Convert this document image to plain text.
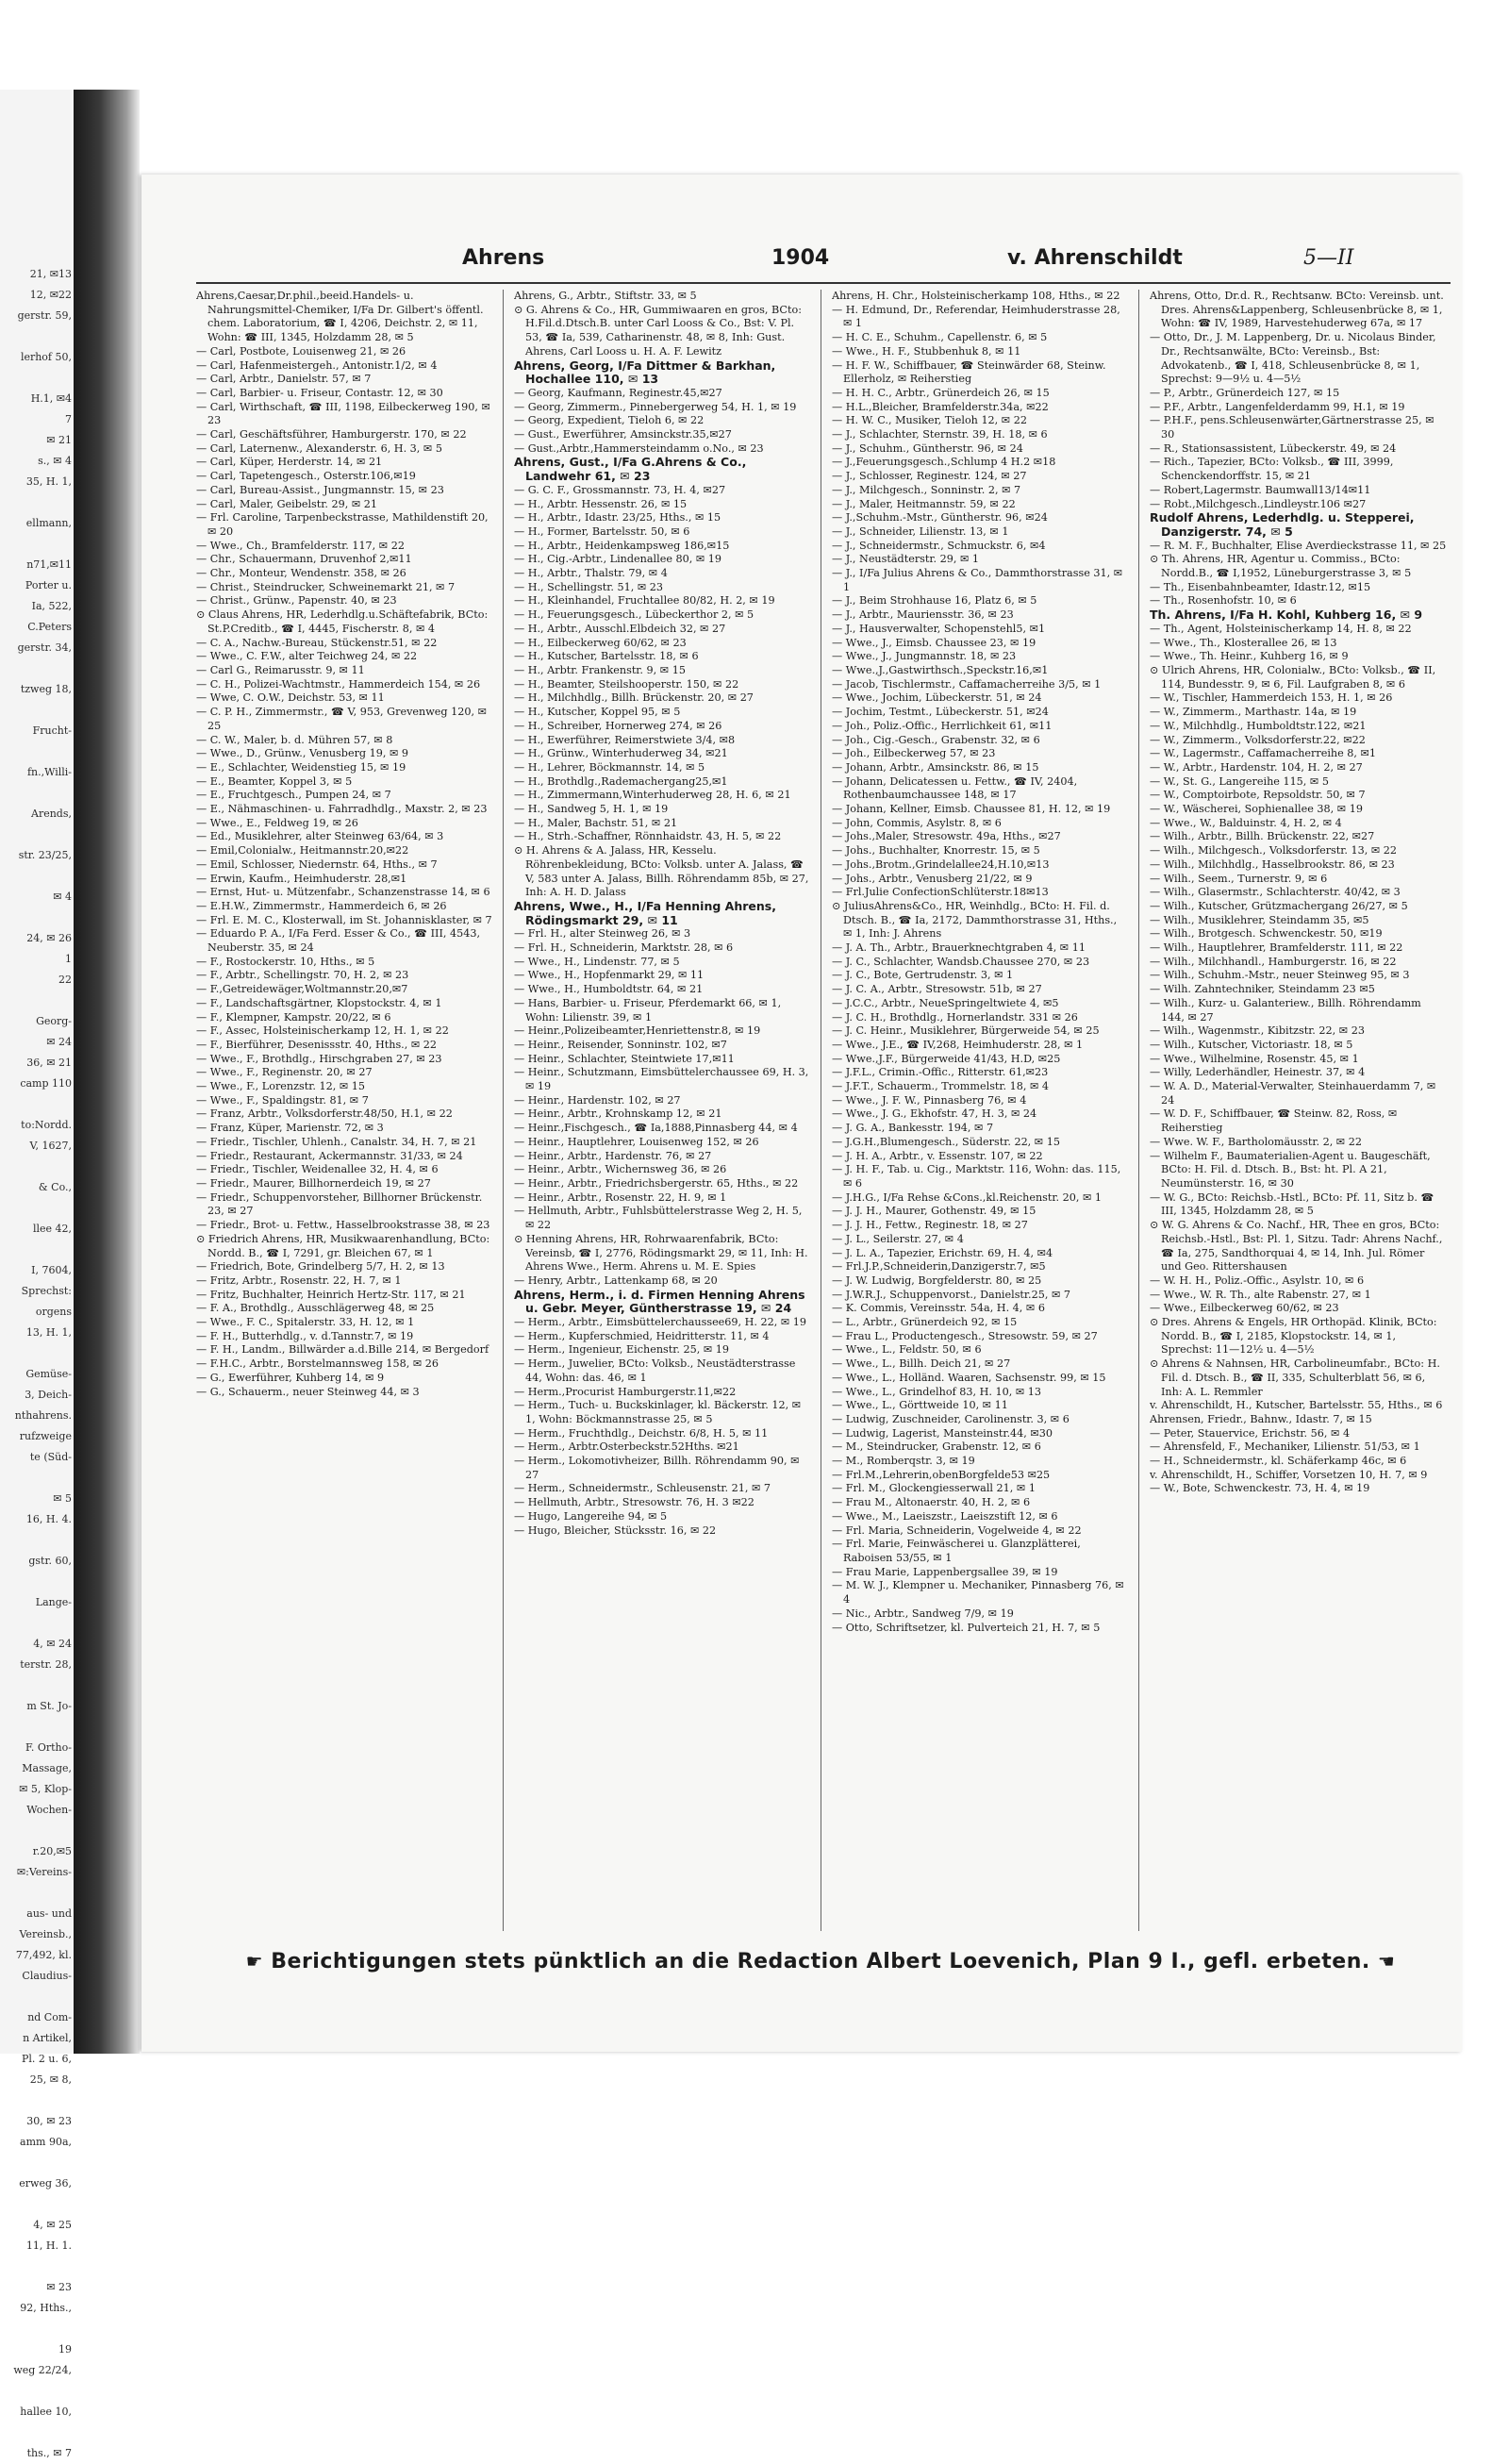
21, ✉13
12, ✉22
gerstr. 59,
lerhof 50,
H.1, ✉4
7
✉ 21
s., ✉ 4
35, H. 1,
ellmann,
n71,✉11
Porter u.
Ia, 522,
C.Peters
gerstr. 34,
tzweg 18,
Frucht-
fn.,Willi-
Arends,
str. 23/25,
✉ 4
24, ✉ 26
1
22
Georg-
✉ 24
36, ✉ 21
camp 110
to:Nordd.
V, 1627,
& Co.,
llee 42,
I, 7604,
Sprechst:
orgens
13, H. 1,
Gemüse-
3, Deich-
nthahrens.
rufzweige
te (Süd-
✉ 5
16, H. 4.
gstr. 60,
Lange-
4, ✉ 24
terstr. 28,
m St. Jo-
F. Ortho-
Massage,
✉ 5, Klop-
Wochen-
r.20,✉5
✉:Vereins-
aus- und
Vereinsb.,
77,492, kl.
Claudius-
nd Com-
n Artikel,
Pl. 2 u. 6,
25, ✉ 8,
30, ✉ 23
amm 90a,
erweg 36,
4, ✉ 25
11, H. 1.
✉ 23
92, Hths.,
19
weg 22/24,
hallee 10,
ths., ✉ 7
Ahrens	1904	v. Ahrenschildt	5—II

Ahrens,Caesar,Dr.phil.,beeid.Handels- u. Nahrungsmittel-Chemiker, I/Fa Dr. Gilbert's öffentl. chem. Laboratorium, ☎ I, 4206, Deichstr. 2, ✉ 11, Wohn: ☎ III, 1345, Holzdamm 28, ✉ 5

— Carl, Postbote, Louisenweg 21, ✉ 26

— Carl, Hafenmeistergeh., Antonistr.1/2, ✉ 4

— Carl, Arbtr., Danielstr. 57, ✉ 7

— Carl, Barbier- u. Friseur, Contastr. 12, ✉ 30

— Carl, Wirthschaft, ☎ III, 1198, Eilbeckerweg 190, ✉ 23

— Carl, Geschäftsführer, Hamburgerstr. 170, ✉ 22

— Carl, Laternenw., Alexanderstr. 6, H. 3, ✉ 5

— Carl, Küper, Herderstr. 14, ✉ 21

— Carl, Tapetengesch., Osterstr.106,✉19

— Carl, Bureau-Assist., Jungmannstr. 15, ✉ 23

— Carl, Maler, Geibelstr. 29, ✉ 21

— Frl. Caroline, Tarpenbeckstrasse, Mathildenstift 20, ✉ 20

— Wwe., Ch., Bramfelderstr. 117, ✉ 22

— Chr., Schauermann, Druvenhof 2,✉11

— Chr., Monteur, Wendenstr. 358, ✉ 26

— Christ., Steindrucker, Schweinemarkt 21, ✉ 7

— Christ., Grünw., Papenstr. 40, ✉ 23

⊙ Claus Ahrens, HR, Lederhdlg.u.Schäftefabrik, BCto: St.P.Creditb., ☎ I, 4445, Fischerstr. 8, ✉ 4

— C. A., Nachw.-Bureau, Stückenstr.51, ✉ 22

— Wwe., C. F.W., alter Teichweg 24, ✉ 22

— Carl G., Reimarusstr. 9, ✉ 11

— C. H., Polizei-Wachtmstr., Hammerdeich 154, ✉ 26

— Wwe, C. O.W., Deichstr. 53, ✉ 11

— C. P. H., Zimmermstr., ☎ V, 953, Grevenweg 120, ✉ 25

— C. W., Maler, b. d. Mühren 57, ✉ 8

— Wwe., D., Grünw., Venusberg 19, ✉ 9

— E., Schlachter, Weidenstieg 15, ✉ 19

— E., Beamter, Koppel 3, ✉ 5

— E., Fruchtgesch., Pumpen 24, ✉ 7

— E., Nähmaschinen- u. Fahrradhdlg., Maxstr. 2, ✉ 23

— Wwe., E., Feldweg 19, ✉ 26

— Ed., Musiklehrer, alter Steinweg 63/64, ✉ 3

— Emil,Colonialw., Heitmannstr.20,✉22

— Emil, Schlosser, Niedernstr. 64, Hths., ✉ 7

— Erwin, Kaufm., Heimhuderstr. 28,✉1

— Ernst, Hut- u. Mützenfabr., Schanzenstrasse 14, ✉ 6

— E.H.W., Zimmermstr., Hammerdeich 6, ✉ 26

— Frl. E. M. C., Klosterwall, im St. Johannisklaster, ✉ 7

— Eduardo P. A., I/Fa Ferd. Esser & Co., ☎ III, 4543, Neuberstr. 35, ✉ 24

— F., Rostockerstr. 10, Hths., ✉ 5

— F., Arbtr., Schellingstr. 70, H. 2, ✉ 23

— F.,Getreidewäger,Woltmannstr.20,✉7

— F., Landschaftsgärtner, Klopstockstr. 4, ✉ 1

— F., Klempner, Kampstr. 20/22, ✉ 6

— F., Assec, Holsteinischerkamp 12, H. 1, ✉ 22

— F., Bierführer, Desenissstr. 40, Hths., ✉ 22

— Wwe., F., Brothdlg., Hirschgraben 27, ✉ 23

— Wwe., F., Reginenstr. 20, ✉ 27

— Wwe., F., Lorenzstr. 12, ✉ 15

— Wwe., F., Spaldingstr. 81, ✉ 7

— Franz, Arbtr., Volksdorferstr.48/50, H.1, ✉ 22

— Franz, Küper, Marienstr. 72, ✉ 3

— Friedr., Tischler, Uhlenh., Canalstr. 34, H. 7, ✉ 21

— Friedr., Restaurant, Ackermannstr. 31/33, ✉ 24

— Friedr., Tischler, Weidenallee 32, H. 4, ✉ 6

— Friedr., Maurer, Billhornerdeich 19, ✉ 27

— Friedr., Schuppenvorsteher, Billhorner Brückenstr. 23, ✉ 27

— Friedr., Brot- u. Fettw., Hasselbrookstrasse 38, ✉ 23

⊙ Friedrich Ahrens, HR, Musikwaarenhandlung, BCto: Nordd. B., ☎ I, 7291, gr. Bleichen 67, ✉ 1

— Friedrich, Bote, Grindelberg 5/7, H. 2, ✉ 13

— Fritz, Arbtr., Rosenstr. 22, H. 7, ✉ 1

— Fritz, Buchhalter, Heinrich Hertz-Str. 117, ✉ 21

— F. A., Brothdlg., Ausschlägerweg 48, ✉ 25

— Wwe., F. C., Spitalerstr. 33, H. 12, ✉ 1

— F. H., Butterhdlg., v. d.Tannstr.7, ✉ 19

— F. H., Landm., Billwärder a.d.Bille 214, ✉ Bergedorf

— F.H.C., Arbtr., Borstelmannsweg 158, ✉ 26

— G., Ewerführer, Kuhberg 14, ✉ 9

— G., Schauerm., neuer Steinweg 44, ✉ 3

Ahrens, G., Arbtr., Stiftstr. 33, ✉ 5

⊙ G. Ahrens & Co., HR, Gummiwaaren en gros, BCto: H.Fil.d.Dtsch.B. unter Carl Looss & Co., Bst: V. Pl. 53, ☎ Ia, 539, Catharinenstr. 48, ✉ 8, Inh: Gust. Ahrens, Carl Looss u. H. A. F. Lewitz

Ahrens, Georg, I/Fa Dittmer & Barkhan, Hochallee 110, ✉ 13

— Georg, Kaufmann, Reginestr.45,✉27

— Georg, Zimmerm., Pinnebergerweg 54, H. 1, ✉ 19

— Georg, Expedient, Tieloh 6, ✉ 22

— Gust., Ewerführer, Amsinckstr.35,✉27

— Gust.,Arbtr.,Hammersteindamm o.No., ✉ 23

Ahrens, Gust., I/Fa G.Ahrens & Co., Landwehr 61, ✉ 23

— G. C. F., Grossmannstr. 73, H. 4, ✉27

— H., Arbtr. Hessenstr. 26, ✉ 15

— H., Arbtr., Idastr. 23/25, Hths., ✉ 15

— H., Former, Bartelsstr. 50, ✉ 6

— H., Arbtr., Heidenkampsweg 186,✉15

— H., Cig.-Arbtr., Lindenallee 80, ✉ 19

— H., Arbtr., Thalstr. 79, ✉ 4

— H., Schellingstr. 51, ✉ 23

— H., Kleinhandel, Fruchtallee 80/82, H. 2, ✉ 19

— H., Feuerungsgesch., Lübeckerthor 2, ✉ 5

— H., Arbtr., Ausschl.Elbdeich 32, ✉ 27

— H., Eilbeckerweg 60/62, ✉ 23

— H., Kutscher, Bartelsstr. 18, ✉ 6

— H., Arbtr. Frankenstr. 9, ✉ 15

— H., Beamter, Steilshooperstr. 150, ✉ 22

— H., Milchhdlg., Billh. Brückenstr. 20, ✉ 27

— H., Kutscher, Koppel 95, ✉ 5

— H., Schreiber, Hornerweg 274, ✉ 26

— H., Ewerführer, Reimerstwiete 3/4, ✉8

— H., Grünw., Winterhuderweg 34, ✉21

— H., Lehrer, Böckmannstr. 14, ✉ 5

— H., Brothdlg.,Rademachergang25,✉1

— H., Zimmermann,Winterhuderweg 28, H. 6, ✉ 21

— H., Sandweg 5, H. 1, ✉ 19

— H., Maler, Bachstr. 51, ✉ 21

— H., Strh.-Schaffner, Rönnhaidstr. 43, H. 5, ✉ 22

⊙ H. Ahrens & A. Jalass, HR, Kesselu. Röhrenbekleidung, BCto: Volksb. unter A. Jalass, ☎ V, 583 unter A. Jalass, Billh. Röhrendamm 85b, ✉ 27, Inh: A. H. D. Jalass

Ahrens, Wwe., H., I/Fa Henning Ahrens, Rödingsmarkt 29, ✉ 11

— Frl. H., alter Steinweg 26, ✉ 3

— Frl. H., Schneiderin, Marktstr. 28, ✉ 6

— Wwe., H., Lindenstr. 77, ✉ 5

— Wwe., H., Hopfenmarkt 29, ✉ 11

— Wwe., H., Humboldtstr. 64, ✉ 21

— Hans, Barbier- u. Friseur, Pferdemarkt 66, ✉ 1, Wohn: Lilienstr. 39, ✉ 1

— Heinr.,Polizeibeamter,Henriettenstr.8, ✉ 19

— Heinr., Reisender, Sonninstr. 102, ✉7

— Heinr., Schlachter, Steintwiete 17,✉11

— Heinr., Schutzmann, Eimsbüttelerchaussee 69, H. 3, ✉ 19

— Heinr., Hardenstr. 102, ✉ 27

— Heinr., Arbtr., Krohnskamp 12, ✉ 21

— Heinr.,Fischgesch., ☎ Ia,1888,Pinnasberg 44, ✉ 4

— Heinr., Hauptlehrer, Louisenweg 152, ✉ 26

— Heinr., Arbtr., Hardenstr. 76, ✉ 27

— Heinr., Arbtr., Wichernsweg 36, ✉ 26

— Heinr., Arbtr., Friedrichsbergerstr. 65, Hths., ✉ 22

— Heinr., Arbtr., Rosenstr. 22, H. 9, ✉ 1

— Hellmuth, Arbtr., Fuhlsbüttelerstrasse Weg 2, H. 5, ✉ 22

⊙ Henning Ahrens, HR, Rohrwaarenfabrik, BCto: Vereinsb, ☎ I, 2776, Rödingsmarkt 29, ✉ 11, Inh: H. Ahrens Wwe., Herm. Ahrens u. M. E. Spies

— Henry, Arbtr., Lattenkamp 68, ✉ 20

Ahrens, Herm., i. d. Firmen Henning Ahrens u. Gebr. Meyer, Güntherstrasse 19, ✉ 24

— Herm., Arbtr., Eimsbüttelerchaussee69, H. 22, ✉ 19

— Herm., Kupferschmied, Heidritterstr. 11, ✉ 4

— Herm., Ingenieur, Eichenstr. 25, ✉ 19

— Herm., Juwelier, BCto: Volksb., Neustädterstrasse 44, Wohn: das. 46, ✉ 1

— Herm.,Procurist Hamburgerstr.11,✉22

— Herm., Tuch- u. Buckskinlager, kl. Bäckerstr. 12, ✉ 1, Wohn: Böckmannstrasse 25, ✉ 5

— Herm., Fruchthdlg., Deichstr. 6/8, H. 5, ✉ 11

— Herm., Arbtr.Osterbeckstr.52Hths. ✉21

— Herm., Lokomotivheizer, Billh. Röhrendamm 90, ✉ 27

— Herm., Schneidermstr., Schleusenstr. 21, ✉ 7

— Hellmuth, Arbtr., Stresowstr. 76, H. 3 ✉22

— Hugo, Langereihe 94, ✉ 5

— Hugo, Bleicher, Stücksstr. 16, ✉ 22

Ahrens, H. Chr., Holsteinischerkamp 108, Hths., ✉ 22

— H. Edmund, Dr., Referendar, Heimhuderstrasse 28, ✉ 1

— H. C. E., Schuhm., Capellenstr. 6, ✉ 5

— Wwe., H. F., Stubbenhuk 8, ✉ 11

— H. F. W., Schiffbauer, ☎ Steinwärder 68, Steinw. Ellerholz, ✉ Reiherstieg

— H. H. C., Arbtr., Grünerdeich 26, ✉ 15

— H.L.,Bleicher, Bramfelderstr.34a, ✉22

— H. W. C., Musiker, Tieloh 12, ✉ 22

— J., Schlachter, Sternstr. 39, H. 18, ✉ 6

— J., Schuhm., Güntherstr. 96, ✉ 24

— J.,Feuerungsgesch.,Schlump 4 H.2 ✉18

— J., Schlosser, Reginestr. 124, ✉ 27

— J., Milchgesch., Sonninstr. 2, ✉ 7

— J., Maler, Heitmannstr. 59, ✉ 22

— J.,Schuhm.-Mstr., Güntherstr. 96, ✉24

— J., Schneider, Lilienstr. 13, ✉ 1

— J., Schneidermstr., Schmuckstr. 6, ✉4

— J., Neustädterstr. 29, ✉ 1

— J., I/Fa Julius Ahrens & Co., Dammthorstrasse 31, ✉ 1

— J., Beim Strohhause 16, Platz 6, ✉ 5

— J., Arbtr., Mauriensstr. 36, ✉ 23

— J., Hausverwalter, Schopenstehl5, ✉1

— Wwe., J., Eimsb. Chaussee 23, ✉ 19

— Wwe., J., Jungmannstr. 18, ✉ 23

— Wwe.,J.,Gastwirthsch.,Speckstr.16,✉1

— Jacob, Tischlermstr., Caffamacherreihe 3/5, ✉ 1

— Wwe., Jochim, Lübeckerstr. 51, ✉ 24

— Jochim, Testmt., Lübeckerstr. 51, ✉24

— Joh., Poliz.-Offic., Herrlichkeit 61, ✉11

— Joh., Cig.-Gesch., Grabenstr. 32, ✉ 6

— Joh., Eilbeckerweg 57, ✉ 23

— Johann, Arbtr., Amsinckstr. 86, ✉ 15

— Johann, Delicatessen u. Fettw., ☎ IV, 2404, Rothenbaumchaussee 148, ✉ 17

— Johann, Kellner, Eimsb. Chaussee 81, H. 12, ✉ 19

— John, Commis, Asylstr. 8, ✉ 6

— Johs.,Maler, Stresowstr. 49a, Hths., ✉27

— Johs., Buchhalter, Knorrestr. 15, ✉ 5

— Johs.,Brotm.,Grindelallee24,H.10,✉13

— Johs., Arbtr., Venusberg 21/22, ✉ 9

— Frl.Julie ConfectionSchlüterstr.18✉13

⊙ JuliusAhrens&Co., HR, Weinhdlg., BCto: H. Fil. d. Dtsch. B., ☎ Ia, 2172, Dammthorstrasse 31, Hths., ✉ 1, Inh: J. Ahrens

— J. A. Th., Arbtr., Brauerknechtgraben 4, ✉ 11

— J. C., Schlachter, Wandsb.Chaussee 270, ✉ 23

— J. C., Bote, Gertrudenstr. 3, ✉ 1

— J. C. A., Arbtr., Stresowstr. 51b, ✉ 27

— J.C.C., Arbtr., NeueSpringeltwiete 4, ✉5

— J. C. H., Brothdlg., Hornerlandstr. 331 ✉ 26

— J. C. Heinr., Musiklehrer, Bürgerweide 54, ✉ 25

— Wwe., J.E., ☎ IV,268, Heimhuderstr. 28, ✉ 1

— Wwe.,J.F., Bürgerweide 41/43, H.D, ✉25

— J.F.L., Crimin.-Offic., Ritterstr. 61,✉23

— J.F.T., Schauerm., Trommelstr. 18, ✉ 4

— Wwe., J. F. W., Pinnasberg 76, ✉ 4

— Wwe., J. G., Ekhofstr. 47, H. 3, ✉ 24

— J. G. A., Bankesstr. 194, ✉ 7

— J.G.H.,Blumengesch., Süderstr. 22, ✉ 15

— J. H. A., Arbtr., v. Essenstr. 107, ✉ 22

— J. H. F., Tab. u. Cig., Marktstr. 116, Wohn: das. 115, ✉ 6

— J.H.G., I/Fa Rehse &Cons.,kl.Reichenstr. 20, ✉ 1

— J. J. H., Maurer, Gothenstr. 49, ✉ 15

— J. J. H., Fettw., Reginestr. 18, ✉ 27

— J. L., Seilerstr. 27, ✉ 4

— J. L. A., Tapezier, Erichstr. 69, H. 4, ✉4

— Frl.J.P.,Schneiderin,Danzigerstr.7, ✉5

— J. W. Ludwig, Borgfelderstr. 80, ✉ 25

— J.W.R.J., Schuppenvorst., Danielstr.25, ✉ 7

— K. Commis, Vereinsstr. 54a, H. 4, ✉ 6

— L., Arbtr., Grünerdeich 92, ✉ 15

— Frau L., Productengesch., Stresowstr. 59, ✉ 27

— Wwe., L., Feldstr. 50, ✉ 6

— Wwe., L., Billh. Deich 21, ✉ 27

— Wwe., L., Holländ. Waaren, Sachsenstr. 99, ✉ 15

— Wwe., L., Grindelhof 83, H. 10, ✉ 13

— Wwe., L., Görttweide 10, ✉ 11

— Ludwig, Zuschneider, Carolinenstr. 3, ✉ 6

— Ludwig, Lagerist, Mansteinstr.44, ✉30

— M., Steindrucker, Grabenstr. 12, ✉ 6

— M., Romberqstr. 3, ✉ 19

— Frl.M.,Lehrerin,obenBorgfelde53 ✉25

— Frl. M., Glockengiesserwall 21, ✉ 1

— Frau M., Altonaerstr. 40, H. 2, ✉ 6

— Wwe., M., Laeiszstr., Laeiszstift 12, ✉ 6

— Frl. Maria, Schneiderin, Vogelweide 4, ✉ 22

— Frl. Marie, Feinwäscherei u. Glanzplätterei, Raboisen 53/55, ✉ 1

— Frau Marie, Lappenbergsallee 39, ✉ 19

— M. W. J., Klempner u. Mechaniker, Pinnasberg 76, ✉ 4

— Nic., Arbtr., Sandweg 7/9, ✉ 19

— Otto, Schriftsetzer, kl. Pulverteich 21, H. 7, ✉ 5

Ahrens, Otto, Dr.d. R., Rechtsanw. BCto: Vereinsb. unt. Dres. Ahrens&Lappenberg, Schleusenbrücke 8, ✉ 1, Wohn: ☎ IV, 1989, Harvestehuderweg 67a, ✉ 17

— Otto, Dr., J. M. Lappenberg, Dr. u. Nicolaus Binder, Dr., Rechtsanwälte, BCto: Vereinsb., Bst: Advokatenb., ☎ I, 418, Schleusenbrücke 8, ✉ 1, Sprechst: 9—9½ u. 4—5½

— P., Arbtr., Grünerdeich 127, ✉ 15

— P.F., Arbtr., Langenfelderdamm 99, H.1, ✉ 19

— P.H.F., pens.Schleusenwärter,Gärtnerstrasse 25, ✉ 30

— R., Stationsassistent, Lübeckerstr. 49, ✉ 24

— Rich., Tapezier, BCto: Volksb., ☎ III, 3999, Schenckendorffstr. 15, ✉ 21

— Robert,Lagermstr. Baumwall13/14✉11

— Robt.,Milchgesch.,Lindleystr.106 ✉27

Rudolf Ahrens, Lederhdlg. u. Stepperei, Danzigerstr. 74, ✉ 5

— R. M. F., Buchhalter, Elise Averdieckstrasse 11, ✉ 25

⊙ Th. Ahrens, HR, Agentur u. Commiss., BCto: Nordd.B., ☎ I,1952, Lüneburgerstrasse 3, ✉ 5

— Th., Eisenbahnbeamter, Idastr.12, ✉15

— Th., Rosenhofstr. 10, ✉ 6

Th. Ahrens, I/Fa H. Kohl, Kuhberg 16, ✉ 9

— Th., Agent, Holsteinischerkamp 14, H. 8, ✉ 22

— Wwe., Th., Klosterallee 26, ✉ 13

— Wwe., Th. Heinr., Kuhberg 16, ✉ 9

⊙ Ulrich Ahrens, HR, Colonialw., BCto: Volksb., ☎ II, 114, Bundesstr. 9, ✉ 6, Fil. Laufgraben 8, ✉ 6

— W., Tischler, Hammerdeich 153, H. 1, ✉ 26

— W., Zimmerm., Marthastr. 14a, ✉ 19

— W., Milchhdlg., Humboldtstr.122, ✉21

— W., Zimmerm., Volksdorferstr.22, ✉22

— W., Lagermstr., Caffamacherreihe 8, ✉1

— W., Arbtr., Hardenstr. 104, H. 2, ✉ 27

— W., St. G., Langereihe 115, ✉ 5

— W., Comptoirbote, Repsoldstr. 50, ✉ 7

— W., Wäscherei, Sophienallee 38, ✉ 19

— Wwe., W., Balduinstr. 4, H. 2, ✉ 4

— Wilh., Arbtr., Billh. Brückenstr. 22, ✉27

— Wilh., Milchgesch., Volksdorferstr. 13, ✉ 22

— Wilh., Milchhdlg., Hasselbrookstr. 86, ✉ 23

— Wilh., Seem., Turnerstr. 9, ✉ 6

— Wilh., Glasermstr., Schlachterstr. 40/42, ✉ 3

— Wilh., Kutscher, Grützmachergang 26/27, ✉ 5

— Wilh., Musiklehrer, Steindamm 35, ✉5

— Wilh., Brotgesch. Schwenckestr. 50, ✉19

— Wilh., Hauptlehrer, Bramfelderstr. 111, ✉ 22

— Wilh., Milchhandl., Hamburgerstr. 16, ✉ 22

— Wilh., Schuhm.-Mstr., neuer Steinweg 95, ✉ 3

— Wilh. Zahntechniker, Steindamm 23 ✉5

— Wilh., Kurz- u. Galanteriew., Billh. Röhrendamm 144, ✉ 27

— Wilh., Wagenmstr., Kibitzstr. 22, ✉ 23

— Wilh., Kutscher, Victoriastr. 18, ✉ 5

— Wwe., Wilhelmine, Rosenstr. 45, ✉ 1

— Willy, Lederhändler, Heinestr. 37, ✉ 4

— W. A. D., Material-Verwalter, Steinhauerdamm 7, ✉ 24

— W. D. F., Schiffbauer, ☎ Steinw. 82, Ross, ✉ Reiherstieg

— Wwe. W. F., Bartholomäusstr. 2, ✉ 22

— Wilhelm F., Baumaterialien-Agent u. Baugeschäft, BCto: H. Fil. d. Dtsch. B., Bst: ht. Pl. A 21, Neumünsterstr. 16, ✉ 30

— W. G., BCto: Reichsb.-Hstl., BCto: Pf. 11, Sitz b. ☎ III, 1345, Holzdamm 28, ✉ 5

⊙ W. G. Ahrens & Co. Nachf., HR, Thee en gros, BCto: Reichsb.-Hstl., Bst: Pl. 1, Sitzu. Tadr: Ahrens Nachf., ☎ Ia, 275, Sandthorquai 4, ✉ 14, Inh. Jul. Römer und Geo. Rittershausen

— W. H. H., Poliz.-Offic., Asylstr. 10, ✉ 6

— Wwe., W. R. Th., alte Rabenstr. 27, ✉ 1

— Wwe., Eilbeckerweg 60/62, ✉ 23

⊙ Dres. Ahrens & Engels, HR Orthopäd. Klinik, BCto: Nordd. B., ☎ I, 2185, Klopstockstr. 14, ✉ 1, Sprechst: 11—12½ u. 4—5½

⊙ Ahrens & Nahnsen, HR, Carbolineumfabr., BCto: H. Fil. d. Dtsch. B., ☎ II, 335, Schulterblatt 56, ✉ 6, Inh: A. L. Remmler

v. Ahrenschildt, H., Kutscher, Bartelsstr. 55, Hths., ✉ 6

Ahrensen, Friedr., Bahnw., Idastr. 7, ✉ 15

— Peter, Stauervice, Erichstr. 56, ✉ 4

— Ahrensfeld, F., Mechaniker, Lilienstr. 51/53, ✉ 1

— H., Schneidermstr., kl. Schäferkamp 46c, ✉ 6

v. Ahrenschildt, H., Schiffer, Vorsetzen 10, H. 7, ✉ 9

— W., Bote, Schwenckestr. 73, H. 4, ✉ 19

☛ Berichtigungen stets pünktlich an die Redaction Albert Loevenich, Plan 9 I., gefl. erbeten. ☚
